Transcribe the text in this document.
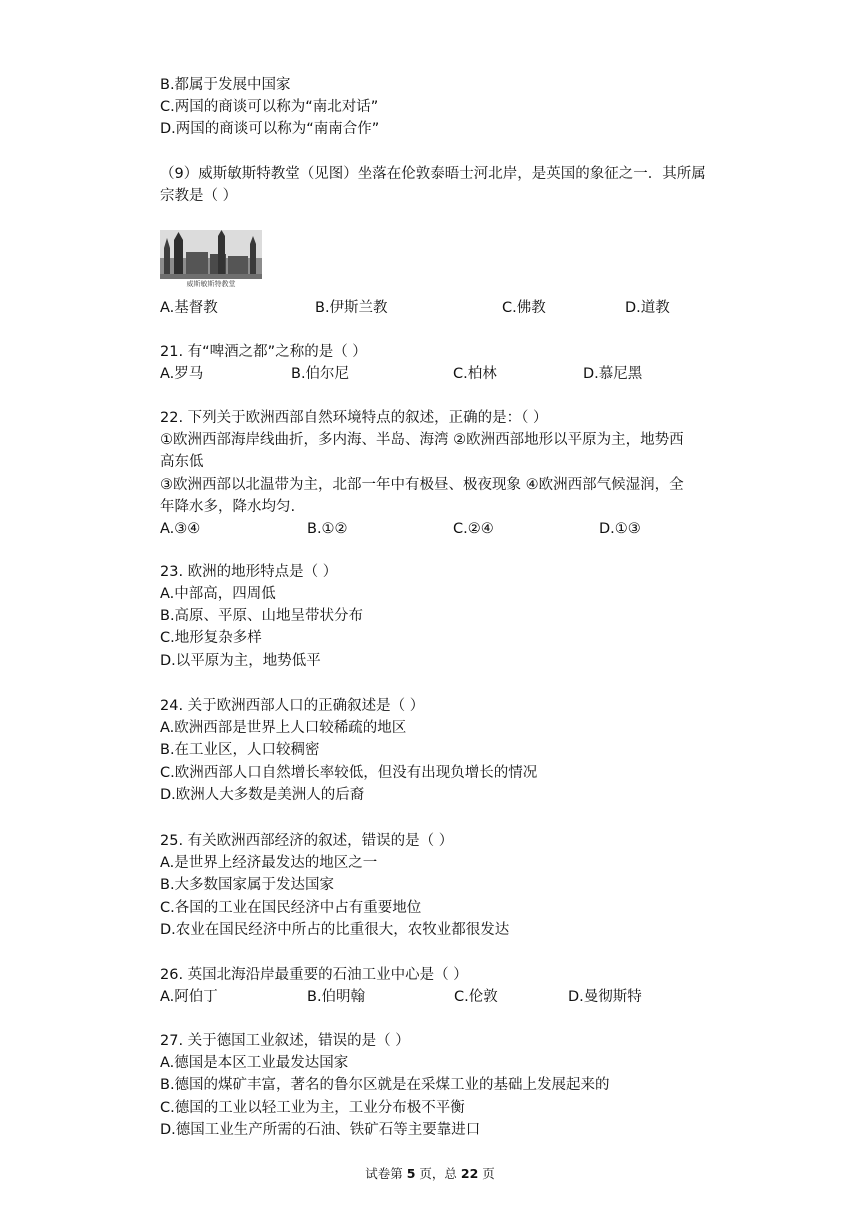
B.都属于发展中国家
C.两国的商谈可以称为“南北对话”
D.两国的商谈可以称为“南南合作”
（9）威斯敏斯特教堂（见图）坐落在伦敦泰晤士河北岸，是英国的象征之一．其所属
宗教是（ ）
威斯敏斯特教堂
A.基督教	B.伊斯兰教	C.佛教	D.道教
21. 有“啤酒之都”之称的是（ ）
A.罗马	B.伯尔尼	C.柏林	D.慕尼黑
22. 下列关于欧洲西部自然环境特点的叙述，正确的是：（ ）
①欧洲西部海岸线曲折，多内海、半岛、海湾 ②欧洲西部地形以平原为主，地势西
高东低
③欧洲西部以北温带为主，北部一年中有极昼、极夜现象 ④欧洲西部气候湿润，全
年降水多，降水均匀.
A.③④	B.①②	C.②④	D.①③
23. 欧洲的地形特点是（ ）
A.中部高，四周低
B.高原、平原、山地呈带状分布
C.地形复杂多样
D.以平原为主，地势低平
24. 关于欧洲西部人口的正确叙述是（ ）
A.欧洲西部是世界上人口较稀疏的地区
B.在工业区，人口较稠密
C.欧洲西部人口自然增长率较低，但没有出现负增长的情况
D.欧洲人大多数是美洲人的后裔
25. 有关欧洲西部经济的叙述，错误的是（ ）
A.是世界上经济最发达的地区之一
B.大多数国家属于发达国家
C.各国的工业在国民经济中占有重要地位
D.农业在国民经济中所占的比重很大，农牧业都很发达
26. 英国北海沿岸最重要的石油工业中心是（ ）
A.阿伯丁	B.伯明翰	C.伦敦	D.曼彻斯特
27. 关于德国工业叙述，错误的是（ ）
A.德国是本区工业最发达国家
B.德国的煤矿丰富，著名的鲁尔区就是在采煤工业的基础上发展起来的
C.德国的工业以轻工业为主，工业分布极不平衡
D.德国工业生产所需的石油、铁矿石等主要靠进口
试卷第 5 页，总 22 页
